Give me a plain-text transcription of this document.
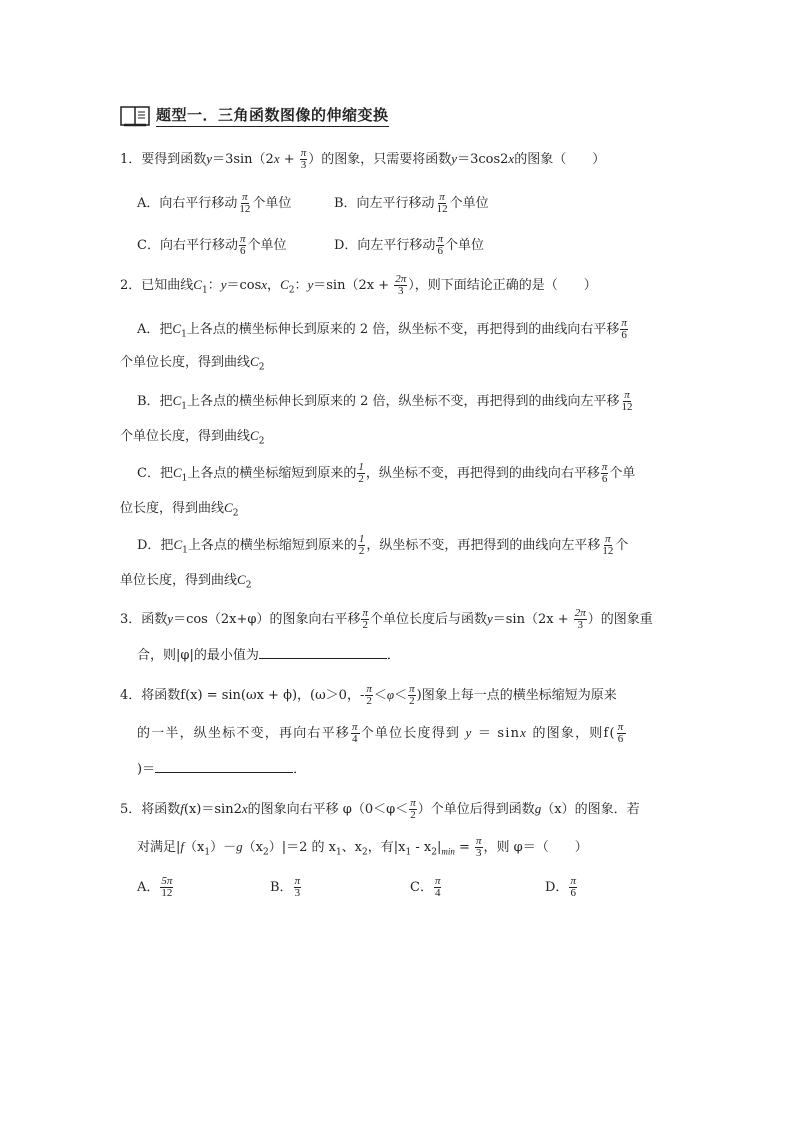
题型一．三角函数图像的伸缩变换
1．要得到函数$y=3\sin(2x + \frac{\pi}{3}$ ）的图象，只需要将函数y＝3cos2x的图象（　　）
A．向右平行移动 $\frac{\pi}{12}$ 个单位	B．向左平行移动 $\frac{\pi}{12}$ 个单位
C．向右平行移动 $\frac{\pi}{6}$ 个单位	D．向左平行移动 $\frac{\pi}{6}$ 个单位
2．已知曲线$C_1$：y＝cosx，$C_2$：$y=\sin(2x + \frac{2\pi}{3}$ ），则下面结论正确的是（　　）
A．把$C_1$上各点的横坐标伸长到原来的 2 倍，纵坐标不变，再把得到的曲线向右平移 $\frac{\pi}{6}$
个单位长度，得到曲线$C_2$
B．把$C_1$上各点的横坐标伸长到原来的 2 倍，纵坐标不变，再把得到的曲线向左平移 $\frac{\pi}{12}$
个单位长度，得到曲线$C_2$
C．把$C_1$上各点的横坐标缩短到原来的 $\frac{1}{2}$ ，纵坐标不变，再把得到的曲线向右平移 $\frac{\pi}{6}$ 个单
位长度，得到曲线$C_2$
D．把$C_1$上各点的横坐标缩短到原来的 $\frac{1}{2}$ ，纵坐标不变，再把得到的曲线向左平移 $\frac{\pi}{12}$ 个
单位长度，得到曲线$C_2$
3．函数y＝cos（2x+φ）的图象向右平移 $\frac{\pi}{2}$ 个单位长度后与函数$y=\sin(2x + \frac{2\pi}{3}$ ）的图象重
合，则|φ|的最小值为	．
4．将函数f(x) = sin(ωx + ϕ)，(ω＞0，- $\frac{\pi}{2} <\varphi< \frac{\pi}{2}$ )图象上每一点的横坐标缩短为原来
的一半，纵坐标不变，再向右平移 $\frac{\pi}{4}$ 个单位长度得到 y ＝ sinx 的图象，则$f( \frac{\pi}{6}$
)＝	．
5．将函数f(x)＝sin2x的图象向右平移 $\varphi(0<\varphi< \frac{\pi}{2}$ ）个单位后得到函数g（x）的图象．若
对满足$|f(x_1)-g(x_2)|=2$ 的 $x_1$、$x_2$，有$|x_1 - x_2|_{min} = \frac{\pi}{3}$ ，则 φ＝（　　）
A． $\frac{5\pi}{12}$	B． $\frac{\pi}{3}$	C． $\frac{\pi}{4}$	D． $\frac{\pi}{6}$
